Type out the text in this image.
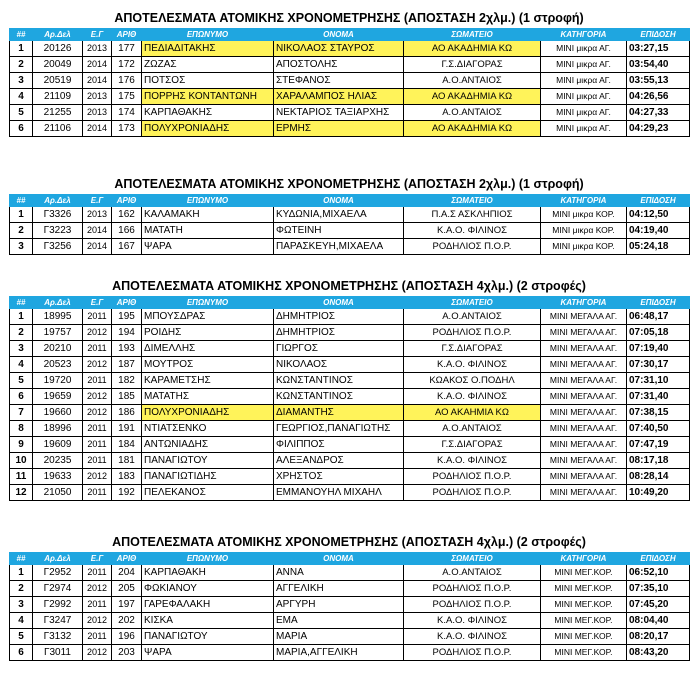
ΑΠΟΤΕΛΕΣΜΑΤΑ ΑΤΟΜΙΚΗΣ ΧΡΟΝΟΜΕΤΡΗΣΗΣ (ΑΠΟΣΤΑΣΗ 2χλμ.) (1 στροφή)
##	Αρ.Δελ	Ε.Γ	ΑΡΙΘ	ΕΠΩΝΥΜΟ	ΟΝΟΜΑ	ΣΩΜΑΤΕΙΟ	ΚΑΤΗΓΟΡΙΑ	ΕΠΙΔΟΣΗ
1	20126	2013	177	ΠΕΔΙΑΔΙΤΑΚΗΣ	ΝΙΚΟΛΑΟΣ ΣΤΑΥΡΟΣ	ΑΟ ΑΚΑΔΗΜΙΑ ΚΩ	ΜΙΝΙ μικρα ΑΓ.	03:27,15
2	20049	2014	172	ΖΩΖΑΣ	ΑΠΟΣΤΟΛΗΣ	Γ.Σ.ΔΙΑΓΟΡΑΣ	ΜΙΝΙ μικρα ΑΓ.	03:54,40
3	20519	2014	176	ΠΟΤΣΟΣ	ΣΤΕΦΑΝΟΣ	Α.Ο.ΑΝΤΑΙΟΣ	ΜΙΝΙ μικρα ΑΓ.	03:55,13
4	21109	2013	175	ΠΟΡΡΗΣ ΚΟΝΤΑΝΤΩΝΗ	ΧΑΡΑΛΑΜΠΟΣ ΗΛΙΑΣ	ΑΟ ΑΚΑΔΗΜΙΑ ΚΩ	ΜΙΝΙ μικρα ΑΓ.	04:26,56
5	21255	2013	174	ΚΑΡΠΑΘΑΚΗΣ	ΝΕΚΤΑΡΙΟΣ ΤΑΞΙΑΡΧΗΣ	Α.Ο.ΑΝΤΑΙΟΣ	ΜΙΝΙ μικρα ΑΓ.	04:27,33
6	21106	2014	173	ΠΟΛΥΧΡΟΝΙΑΔΗΣ	ΕΡΜΗΣ	ΑΟ ΑΚΑΔΗΜΙΑ ΚΩ	ΜΙΝΙ μικρα ΑΓ.	04:29,23
ΑΠΟΤΕΛΕΣΜΑΤΑ ΑΤΟΜΙΚΗΣ ΧΡΟΝΟΜΕΤΡΗΣΗΣ (ΑΠΟΣΤΑΣΗ 2χλμ.) (1 στροφή)
##	Αρ.Δελ	Ε.Γ	ΑΡΙΘ	ΕΠΩΝΥΜΟ	ΟΝΟΜΑ	ΣΩΜΑΤΕΙΟ	ΚΑΤΗΓΟΡΙΑ	ΕΠΙΔΟΣΗ
1	Γ3326	2013	162	ΚΑΛΑΜΑΚΗ	ΚΥΔΩΝΙΑ,ΜΙΧΑΕΛΑ	Π.Α.Σ ΑΣΚΛΗΠΙΟΣ	ΜΙΝΙ μικρα ΚΟΡ.	04:12,50
2	Γ3223	2014	166	ΜΑΤΑΤΗ	ΦΩΤΕΙΝΗ	Κ.Α.Ο. ΦΙΛΙΝΟΣ	ΜΙΝΙ μικρα ΚΟΡ.	04:19,40
3	Γ3256	2014	167	ΨΑΡΑ	ΠΑΡΑΣΚΕΥΗ,ΜΙΧΑΕΛΑ	ΡΟΔΗΛΙΟΣ Π.Ο.Ρ.	ΜΙΝΙ μικρα ΚΟΡ.	05:24,18
ΑΠΟΤΕΛΕΣΜΑΤΑ ΑΤΟΜΙΚΗΣ ΧΡΟΝΟΜΕΤΡΗΣΗΣ (ΑΠΟΣΤΑΣΗ 4χλμ.) (2 στροφές)
##	Αρ.Δελ	Ε.Γ	ΑΡΙΘ	ΕΠΩΝΥΜΟ	ΟΝΟΜΑ	ΣΩΜΑΤΕΙΟ	ΚΑΤΗΓΟΡΙΑ	ΕΠΙΔΟΣΗ
1	18995	2011	195	ΜΠΟΥΣΔΡΑΣ	ΔΗΜΗΤΡΙΟΣ	Α.Ο.ΑΝΤΑΙΟΣ	ΜΙΝΙ ΜΕΓΑΛΑ ΑΓ.	06:48,17
2	19757	2012	194	ΡΟΙΔΗΣ	ΔΗΜΗΤΡΙΟΣ	ΡΟΔΗΛΙΟΣ Π.Ο.Ρ.	ΜΙΝΙ ΜΕΓΑΛΑ ΑΓ.	07:05,18
3	20210	2011	193	ΔΙΜΕΛΛΗΣ	ΓΙΩΡΓΟΣ	Γ.Σ.ΔΙΑΓΟΡΑΣ	ΜΙΝΙ ΜΕΓΑΛΑ ΑΓ.	07:19,40
4	20523	2012	187	ΜΟΥΤΡΟΣ	ΝΙΚΟΛΑΟΣ	Κ.Α.Ο. ΦΙΛΙΝΟΣ	ΜΙΝΙ ΜΕΓΑΛΑ ΑΓ.	07:30,17
5	19720	2011	182	ΚΑΡΑΜΕΤΣΗΣ	ΚΩΝΣΤΑΝΤΙΝΟΣ	ΚΩΑΚΟΣ Ο.ΠΟΔΗΛ	ΜΙΝΙ ΜΕΓΑΛΑ ΑΓ.	07:31,10
6	19659	2012	185	ΜΑΤΑΤΗΣ	ΚΩΝΣΤΑΝΤΙΝΟΣ	Κ.Α.Ο. ΦΙΛΙΝΟΣ	ΜΙΝΙ ΜΕΓΑΛΑ ΑΓ.	07:31,40
7	19660	2012	186	ΠΟΛΥΧΡΟΝΙΑΔΗΣ	ΔΙΑΜΑΝΤΗΣ	ΑΟ ΑΚΑΗΜΙΑ ΚΩ	ΜΙΝΙ ΜΕΓΑΛΑ ΑΓ.	07:38,15
8	18996	2011	191	ΝΤΙΑΤΣΕΝΚΟ	ΓΕΩΡΓΙΟΣ,ΠΑΝΑΓΙΩΤΗΣ	Α.Ο.ΑΝΤΑΙΟΣ	ΜΙΝΙ ΜΕΓΑΛΑ ΑΓ.	07:40,50
9	19609	2011	184	ΑΝΤΩΝΙΑΔΗΣ	ΦΙΛΙΠΠΟΣ	Γ.Σ.ΔΙΑΓΟΡΑΣ	ΜΙΝΙ ΜΕΓΑΛΑ ΑΓ.	07:47,19
10	20235	2011	181	ΠΑΝΑΓΙΩΤΟΥ	ΑΛΕΞΑΝΔΡΟΣ	Κ.Α.Ο. ΦΙΛΙΝΟΣ	ΜΙΝΙ ΜΕΓΑΛΑ ΑΓ.	08:17,18
11	19633	2012	183	ΠΑΝΑΓΙΩΤΙΔΗΣ	ΧΡΗΣΤΟΣ	ΡΟΔΗΛΙΟΣ Π.Ο.Ρ.	ΜΙΝΙ ΜΕΓΑΛΑ ΑΓ.	08:28,14
12	21050	2011	192	ΠΕΛΕΚΑΝΟΣ	ΕΜΜΑΝΟΥΗΛ ΜΙΧΑΗΛ	ΡΟΔΗΛΙΟΣ Π.Ο.Ρ.	ΜΙΝΙ ΜΕΓΑΛΑ ΑΓ.	10:49,20
ΑΠΟΤΕΛΕΣΜΑΤΑ ΑΤΟΜΙΚΗΣ ΧΡΟΝΟΜΕΤΡΗΣΗΣ (ΑΠΟΣΤΑΣΗ 4χλμ.) (2 στροφές)
##	Αρ.Δελ	Ε.Γ	ΑΡΙΘ	ΕΠΩΝΥΜΟ	ΟΝΟΜΑ	ΣΩΜΑΤΕΙΟ	ΚΑΤΗΓΟΡΙΑ	ΕΠΙΔΟΣΗ
1	Γ2952	2011	204	ΚΑΡΠΑΘΑΚΗ	ΑΝΝΑ	Α.Ο.ΑΝΤΑΙΟΣ	ΜΙΝΙ ΜΕΓ.ΚΟΡ.	06:52,10
2	Γ2974	2012	205	ΦΩΚΙΑΝΟΥ	ΑΓΓΕΛΙΚΗ	ΡΟΔΗΛΙΟΣ Π.Ο.Ρ.	ΜΙΝΙ ΜΕΓ.ΚΟΡ.	07:35,10
3	Γ2992	2011	197	ΓΑΡΕΦΑΛΑΚΗ	ΑΡΓΥΡΗ	ΡΟΔΗΛΙΟΣ Π.Ο.Ρ.	ΜΙΝΙ ΜΕΓ.ΚΟΡ.	07:45,20
4	Γ3247	2012	202	ΚΙΣΚΑ	ΕΜΑ	Κ.Α.Ο. ΦΙΛΙΝΟΣ	ΜΙΝΙ ΜΕΓ.ΚΟΡ.	08:04,40
5	Γ3132	2011	196	ΠΑΝΑΓΙΩΤΟΥ	ΜΑΡΙΑ	Κ.Α.Ο. ΦΙΛΙΝΟΣ	ΜΙΝΙ ΜΕΓ.ΚΟΡ.	08:20,17
6	Γ3011	2012	203	ΨΑΡΑ	ΜΑΡΙΑ,ΑΓΓΕΛΙΚΗ	ΡΟΔΗΛΙΟΣ Π.Ο.Ρ.	ΜΙΝΙ ΜΕΓ.ΚΟΡ.	08:43,20
